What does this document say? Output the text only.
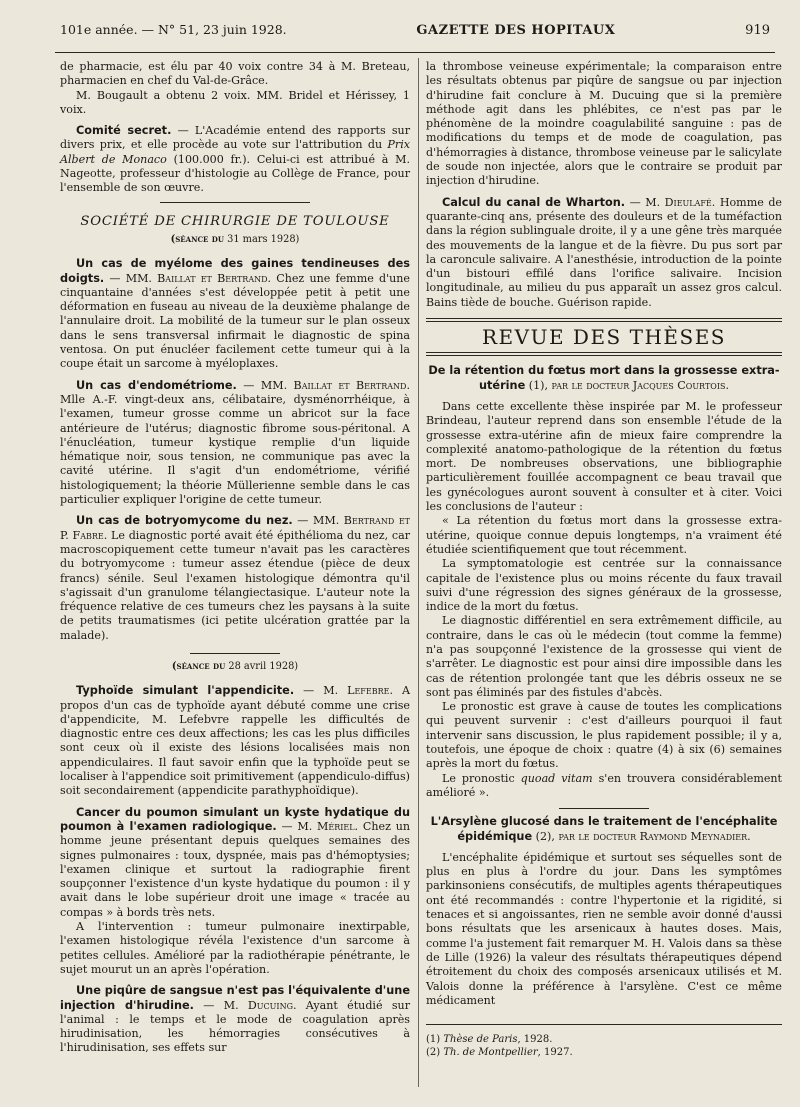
101e année. — N° 51, 23 juin 1928.	GAZETTE DES HOPITAUX	919

de pharmacie, est élu par 40 voix contre 34 à M. Breteau, pharmacien en chef du Val-de-Grâce.

M. Bougault a obtenu 2 voix. MM. Bridel et Hérissey, 1 voix.

Comité secret. — L'Académie entend des rapports sur divers prix, et elle procède au vote sur l'attribution du Prix Albert de Monaco (100.000 fr.). Celui-ci est attribué à M. Nageotte, professeur d'histologie au Collège de France, pour l'ensemble de son œuvre.

SOCIÉTÉ DE CHIRURGIE DE TOULOUSE
(séance du 31 mars 1928)

Un cas de myélome des gaines tendineuses des doigts. — MM. Baillat et Bertrand. Chez une femme d'une cinquantaine d'années s'est développée petit à petit une déformation en fuseau au niveau de la deuxième phalange de l'annulaire droit. La mobilité de la tumeur sur le plan osseux dans le sens transversal infirmait le diagnostic de spina ventosa. On put énucléer facilement cette tumeur qui à la coupe était un sarcome à myéloplaxes.

Un cas d'endométriome. — MM. Baillat et Bertrand. Mlle A.-F. vingt-deux ans, célibataire, dysménorrhéique, à l'examen, tumeur grosse comme un abricot sur la face antérieure de l'utérus; diagnostic fibrome sous-péritonal. A l'énucléation, tumeur kystique remplie d'un liquide hématique noir, sous tension, ne communique pas avec la cavité utérine. Il s'agit d'un endométriome, vérifié histologiquement; la théorie Müllerienne semble dans le cas particulier expliquer l'origine de cette tumeur.

Un cas de botryomycome du nez. — MM. Bertrand et P. Fabre. Le diagnostic porté avait été épithélioma du nez, car macroscopiquement cette tumeur n'avait pas les caractères du botryomycome : tumeur assez étendue (pièce de deux francs) sénile. Seul l'examen histologique démontra qu'il s'agissait d'un granulome télangiectasique. L'auteur note la fréquence relative de ces tumeurs chez les paysans à la suite de petits traumatismes (ici petite ulcération grattée par la malade).

(séance du 28 avril 1928)

Typhoïde simulant l'appendicite. — M. Lefebre. A propos d'un cas de typhoïde ayant débuté comme une crise d'appendicite, M. Lefebvre rappelle les difficultés de diagnostic entre ces deux affections; les cas les plus difficiles sont ceux où il existe des lésions localisées mais non appendiculaires. Il faut savoir enfin que la typhoïde peut se localiser à l'appendice soit primitivement (appendiculo-diffus) soit secondairement (appendicite parathyphoïdique).

Cancer du poumon simulant un kyste hydatique du poumon à l'examen radiologique. — M. Mériel. Chez un homme jeune présentant depuis quelques semaines des signes pulmonaires : toux, dyspnée, mais pas d'hémoptysies; l'examen clinique et surtout la radiographie firent soupçonner l'existence d'un kyste hydatique du poumon : il y avait dans le lobe supérieur droit une image « tracée au compas » à bords très nets.

A l'intervention : tumeur pulmonaire inextirpable, l'examen histologique révéla l'existence d'un sarcome à petites cellules. Amélioré par la radiothérapie pénétrante, le sujet mourut un an après l'opération.

Une piqûre de sangsue n'est pas l'équivalente d'une injection d'hirudine. — M. Ducuing. Ayant étudié sur l'animal : le temps et le mode de coagulation après hirudinisation, les hémorragies consécutives à l'hirudinisation, ses effets sur

la thrombose veineuse expérimentale; la comparaison entre les résultats obtenus par piqûre de sangsue ou par injection d'hirudine fait conclure à M. Ducuing que si la première méthode agit dans les phlébites, ce n'est pas par le phénomène de la moindre coagulabilité sanguine : pas de modifications du temps et de mode de coagulation, pas d'hémorragies à distance, thrombose veineuse par le salicylate de soude non injectée, alors que le contraire se produit par injection d'hirudine.

Calcul du canal de Wharton. — M. Dieulafé. Homme de quarante-cinq ans, présente des douleurs et de la tuméfaction dans la région sublinguale droite, il y a une gêne très marquée des mouvements de la langue et de la fièvre. Du pus sort par la caroncule salivaire. A l'anesthésie, introduction de la pointe d'un bistouri effilé dans l'orifice salivaire. Incision longitudinale, au milieu du pus apparaît un assez gros calcul. Bains tiède de bouche. Guérison rapide.

REVUE DES THÈSES

De la rétention du fœtus mort dans la grossesse extra-utérine (1), par le docteur Jacques Courtois.

Dans cette excellente thèse inspirée par M. le professeur Brindeau, l'auteur reprend dans son ensemble l'étude de la grossesse extra-utérine afin de mieux faire comprendre la complexité anatomo-pathologique de la rétention du fœtus mort. De nombreuses observations, une bibliographie particulièrement fouillée accompagnent ce beau travail que les gynécologues auront souvent à consulter et à citer. Voici les conclusions de l'auteur :

« La rétention du fœtus mort dans la grossesse extra-utérine, quoique connue depuis longtemps, n'a vraiment été étudiée scientifiquement que tout récemment.

La symptomatologie est centrée sur la connaissance capitale de l'existence plus ou moins récente du faux travail suivi d'une régression des signes généraux de la grossesse, indice de la mort du fœtus.

Le diagnostic différentiel en sera extrêmement difficile, au contraire, dans le cas où le médecin (tout comme la femme) n'a pas soupçonné l'existence de la grossesse qui vient de s'arrêter. Le diagnostic est pour ainsi dire impossible dans les cas de rétention prolongée tant que les débris osseux ne se sont pas éliminés par des fistules d'abcès.

Le pronostic est grave à cause de toutes les complications qui peuvent survenir : c'est d'ailleurs pourquoi il faut intervenir sans discussion, le plus rapidement possible; il y a, toutefois, une époque de choix : quatre (4) à six (6) semaines après la mort du fœtus.

Le pronostic quoad vitam s'en trouvera considérablement amélioré ».

L'Arsylène glucosé dans le traitement de l'encéphalite épidémique (2), par le docteur Raymond Meynadier.

L'encéphalite épidémique et surtout ses séquelles sont de plus en plus à l'ordre du jour. Dans les symptômes parkinsoniens consécutifs, de multiples agents thérapeutiques ont été recommandés : contre l'hypertonie et la rigidité, si tenaces et si angoissantes, rien ne semble avoir donné d'aussi bons résultats que les arsenicaux à hautes doses. Mais, comme l'a justement fait remarquer M. H. Valois dans sa thèse de Lille (1926) la valeur des résultats thérapeutiques dépend étroitement du choix des composés arsenicaux utilisés et M. Valois donne la préférence à l'arsylène. C'est ce même médicament

(1) Thèse de Paris, 1928.

(2) Th. de Montpellier, 1927.
